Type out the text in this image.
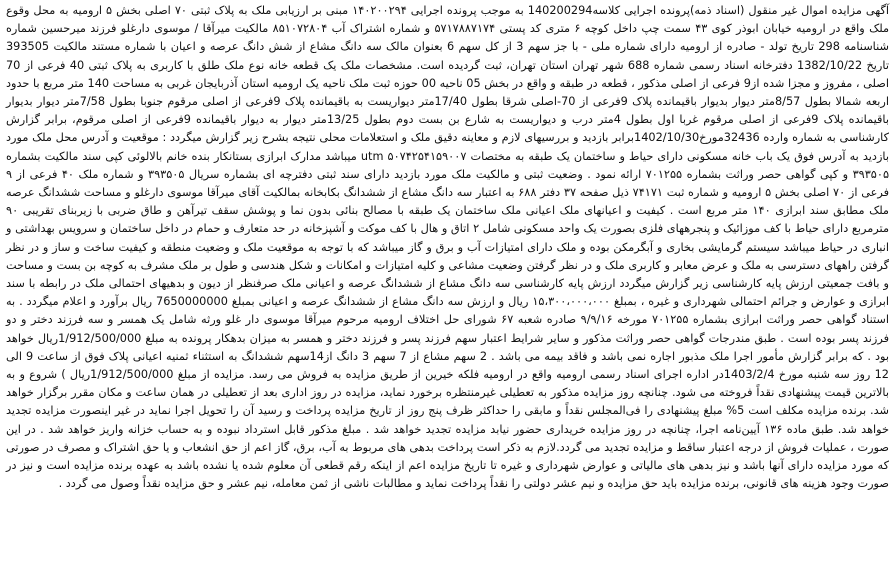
آگهی مزایده اموال غیر منقول (اسناد ذمه)پرونده اجرایی کلاسه140200294 به موجب پرونده اجرایی ۱۴۰۲۰۰۲۹۴ مبنی بر ارزیابی ملک به پلاک ثبتی ۷۰ اصلی بخش ۵ ارومیه به محل وقوع ملک واقع در ارومیه خیابان ابوذر کوی ۴۳ سمت چپ داخل کوچه ۶ متری کد پستی ۵۷۱۷۸۸۷۱۷۴ و شماره اشتراک آب ۸۵۱۰۷۲۸۰۴ مالکیت میرآقا / موسوی دارغلو فرزند میرحسین شماره شناسنامه 298 تاریخ تولد - صادره از ارومیه دارای شماره ملی - با جز سهم 3 از کل سهم 6 بعنوان مالک سه دانگ مشاع از شش دانگ عرصه و اعیان با شماره مستند مالکیت 393505 تاریخ 1382/10/22 دفترخانه اسناد رسمی شماره 688 شهر تهران استان تهران، ثبت گردیده است. مشخصات ملک یک قطعه خانه نوع ملک طلق با کاربری به پلاک ثبتی 40 فرعی از 70 اصلی ، مفروز و مجزا شده از9 فرعی از اصلی مذکور ، قطعه در طبقه و واقع در بخش 05 ناحیه 00 حوزه ثبت ملک ناحیه یک ارومیه استان آذربایجان غربی به مساحت 140 متر مربع با حدود اربعه شمالا بطول 8/57متر دیوار بدیوار باقیمانده پلاک 9فرعی از 70-اصلی شرقا بطول 17/40متر دیواریست به باقیمانده پلاک 9فرعی از اصلی مرقوم جنوبا بطول 7/58متر دیوار بدیوار باقیمانده پلاک 9فرعی از اصلی مرقوم غربا اول بطول 4متر درب و دیواریست به شارع بن بست دوم بطول 13/25متر دیوار به دیوار باقیمانده 9فرعی از اصلی مرقوم، برابر گزارش کارشناسی به شماره وارده 32436مورخ1402/10/30برابر بازدید و بررسیهای لازم و معاینه دقیق ملک و استعلامات محلی نتیجه بشرح زیر گزارش میگردد : موقعیت و آدرس محل ملک مورد بازدید به آدرس فوق یک باب خانه مسکونی دارای حیاط و ساختمان یک طبقه به مختصات utm ۵۰۷۴۲۵۴۱۵۹۰۰۷ میباشد مدارک ابرازی بستانکار بنده خانم بالالوئی کپی سند مالکیت بشماره ۳۹۳۵۰۵ و کپی گواهی حصر وراثت بشماره ۷۰۱۲۵۵ ارائه نمود . وضعیت ثبتی و مالکیت ملک مورد بازدید دارای سند ثبتی دفترچه ای بشماره سریال ۳۹۳۵۰۵ و شماره ملک ۴۰ فرعی از ۹ فرعی از ۷۰ اصلی بخش ۵ ارومیه و شماره ثبت ۷۴۱۷۱ ذیل صفحه ۳۷ دفتر ۶۸۸ به اعتبار سه دانگ مشاع از ششدانگ بکابخانه بمالکیت آقای میرآقا موسوی دارغلو و مساحت ششدانگ عرصه ملک مطابق سند ابرازی ۱۴۰ متر مربع است . کیفیت و اعیانهای ملک اعیانی ملک ساختمان یک طبقه با مصالح بنائی بدون نما و پوشش سقف تیرآهن و طاق ضربی با زیربنای تقریبی ۹۰ مترمربع دارای حیاط با کف موزائیک و پنجرههای فلزی بصورت یک واحد مسکونی شامل ۲ اتاق و هال با کف موکت و آشپزخانه در حد متعارف و حمام در داخل ساختمان و سرویس بهداشتی و انباری در حیاط میباشد سیستم گرمایشی بخاری و آبگرمکن بوده و ملک دارای امتیازات آب و برق و گاز میباشد که با توجه به موقعیت ملک و وضعیت منطقه و کیفیت ساخت و ساز و در نظر گرفتن راههای دسترسی به ملک و عرض معابر و کاربری ملک و در نظر گرفتن وضعیت مشاعی و کلیه امتیازات و امکانات و شکل هندسی و طول بر ملک مشرف به کوچه بن بست و مساحت و بافت جمعیتی ارزش پایه کارشناسی زیر گزارش میگردد ارزش پایه کارشناسی سه دانگ مشاع از ششدانگ عرصه و اعیانی ملک صرفنظر از دیون و بدهیهای احتمالی ملک در رابطه با سند ابرازی و عوارض و جرائم احتمالی شهرداری و غیره ، بمبلغ ۱۵،۳۰۰،۰۰۰،۰۰۰ ریال و ارزش سه دانگ مشاع از ششدانگ عرصه و اعیانی بمبلغ 7650000000 ریال برآورد و اعلام میگردد . به استناد گواهی حصر وراثت ابرازی بشماره ۷۰۱۲۵۵ مورخه ۹/۹/۱۶ صادره شعبه ۶۷ شورای حل اختلاف ارومیه مرحوم میرآقا موسوی دار غلو ورثه شامل یک همسر و سه فرزند دختر و دو فرزند پسر بوده است . طبق مندرجات گواهی حصر وراثت مذکور و سایر شرایط اعتبار سهم فرزند پسر و فرزند دختر و همسر به میزان بدهکار پرونده به مبلغ 1/912/500/000ریال خواهد بود . که برابر گزارش مأمور اجرا ملک مذبور اجاره نمی باشد و فاقد بیمه می باشد . 2 سهم مشاع از 7 سهم 3 دانگ از14سهم ششدانگ به استثناء ثمنیه اعیانی پلاک فوق از ساعت 9 الی 12 روز سه شنبه مورخ 1403/2/4در اداره اجرای اسناد رسمی ارومیه واقع در ارومیه فلکه خیرین از طریق مزایده به فروش می رسد. مزایده از مبلغ 1/912/500/000ریال ) شروع و به بالاترین قیمت پیشنهادی نقداً فروخته می شود. چنانچه روز مزایده مذکور به تعطیلی غیرمنتظره برخورد نماید، مزایده در روز اداری بعد از تعطیلی در همان ساعت و مکان مقرر برگزار خواهد شد. برنده مزایده مکلف است 5% مبلغ پیشنهادی را فی‌المجلس نقداً و مابقی را حداکثر ظرف پنج روز از تاریخ مزایده پرداخت و رسید آن را تحویل اجرا نماید در غیر اینصورت مزایده تجدید خواهد شد. طبق ماده ۱۳۶ آیین‌نامه اجرا، چنانچه در روز مزایده خریداری حضور نیابد مزایده تجدید خواهد شد . مبلغ مذکور قابل استرداد نبوده و به حساب خزانه واریز خواهد شد . در این صورت ، عملیات فروش از درجه اعتبار ساقط و مزایده تجدید می گردد.لازم به ذکر است پرداخت بدهی های مربوط به آب، برق، گاز اعم از حق انشعاب و یا حق اشتراک و مصرف در صورتی که مورد مزایده دارای آنها باشد و نیز بدهی های مالیاتی و عوارض شهرداری و غیره تا تاریخ مزایده اعم از اینکه رقم قطعی آن معلوم شده یا نشده باشد به عهده برنده مزایده است و نیز در صورت وجود هزینه های قانونی، برنده مزایده باید حق مزایده و نیم عشر دولتی را نقداً پرداخت نماید و مطالبات ناشی از ثمن معامله، نیم عشر و حق مزایده نقداً وصول می گردد .
